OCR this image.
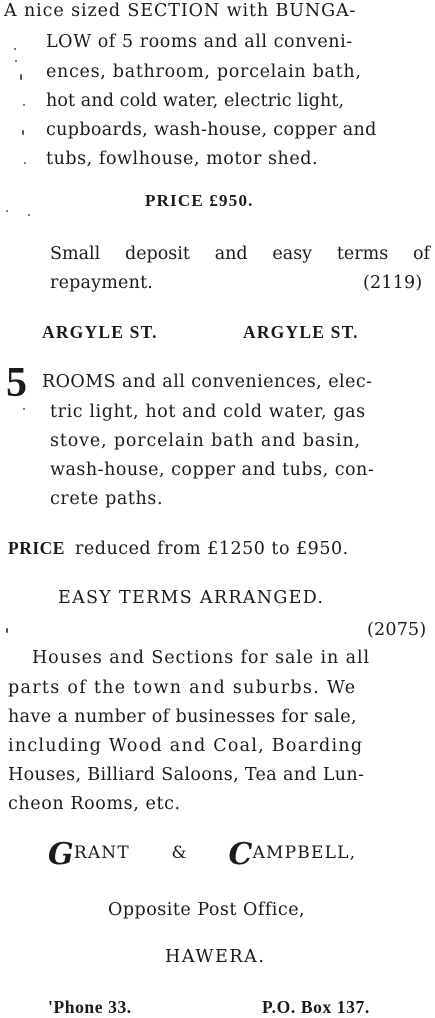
A nice sized SECTION with BUNGA-
LOW of 5 rooms and all conveni-
ences, bathroom, porcelain bath,
hot and cold water, electric light,
cupboards, wash-house, copper and
tubs, fowlhouse, motor shed.
PRICE £950.
Small deposit and easy terms of
repayment.	(2119)
ARGYLE ST.	ARGYLE ST.
5 ROOMS and all conveniences, elec-
tric light, hot and cold water, gas
stove, porcelain bath and basin,
wash-house, copper and tubs, con-
crete paths.
PRICE reduced from £1250 to £950.
EASY TERMS ARRANGED.
(2075)
Houses and Sections for sale in all
parts of the town and suburbs. We
have a number of businesses for sale,
including Wood and Coal, Boarding
Houses, Billiard Saloons, Tea and Lun-
cheon Rooms, etc.
GRANT & CAMPBELL,
Opposite Post Office,
HAWERA.
'Phone 33.	P.O. Box 137.
